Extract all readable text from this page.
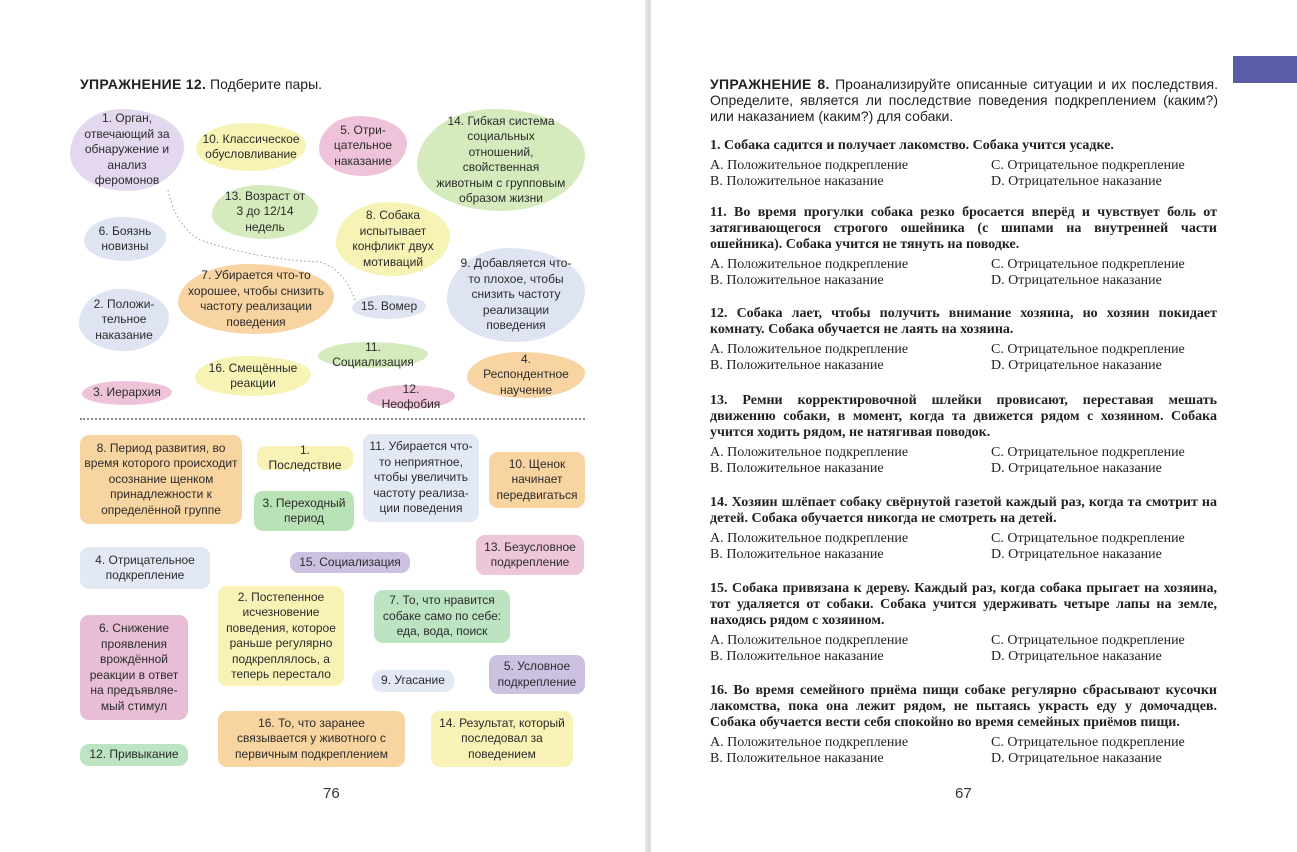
УПРАЖНЕНИЕ 12. Подберите пары.
1. Орган, отвечающий за обнаружение и анализ феромонов
10. Классическое обусловливание
5. Отри-цательное наказание
14. Гибкая система социальных отношений, свойственная животным с групповым образом жизни
13. Возраст от 3 до 12/14 недель
6. Боязнь новизны
8. Собака испытывает конфликт двух мотиваций
7. Убирается что-то хорошее, чтобы снизить частоту реализации поведения
9. Добавляется что-то плохое, чтобы снизить частоту реализации поведения
2. Положи-тельное наказание
15. Вомер
16. Смещённые реакции
11. Социализация	4. Респондентное научение
3. Иерархия	12. Неофобия
8. Период развития, во время которого происходит осознание щенком принадлежности к определённой группе
1. Последствие
11. Убирается что-то неприятное, чтобы увеличить частоту реализа-ции поведения
10. Щенок начинает передвигаться
3. Переходный период
4. Отрицательное подкрепление
15. Социализация
13. Безусловное подкрепление
6. Снижение проявления врождённой реакции в ответ на предъявляе-мый стимул
2. Постепенное исчезновение поведения, которое раньше регулярно подкреплялось, а теперь перестало
7. То, что нравится собаке само по себе: еда, вода, поиск
9. Угасание
5. Условное подкрепление
12. Привыкание
16. То, что заранее связывается у животного с первичным подкреплением
14. Результат, который последовал за поведением
76
УПРАЖНЕНИЕ 8. Проанализируйте описанные ситуации и их последствия. Определите, является ли последствие поведения подкреплением (каким?) или наказанием (каким?) для собаки.

1. Собака садится и получает лакомство. Собака учится усадке.

A. Положительное подкрепление	C. Отрицательное подкрепление
B. Положительное наказание	D. Отрицательное наказание

11. Во время прогулки собака резко бросается вперёд и чувствует боль от затягивающегося строгого ошейника (с шипами на внутренней части ошейника). Собака учится не тянуть на поводке.

A. Положительное подкрепление	C. Отрицательное подкрепление
B. Положительное наказание	D. Отрицательное наказание

12. Собака лает, чтобы получить внимание хозяина, но хозяин покидает комнату. Собака обучается не лаять на хозяина.

A. Положительное подкрепление	C. Отрицательное подкрепление
B. Положительное наказание	D. Отрицательное наказание

13. Ремни корректировочной шлейки провисают, переставая мешать движению собаки, в момент, когда та движется рядом с хозяином. Собака учится ходить рядом, не натягивая поводок.

A. Положительное подкрепление	C. Отрицательное подкрепление
B. Положительное наказание	D. Отрицательное наказание

14. Хозяин шлёпает собаку свёрнутой газетой каждый раз, когда та смотрит на детей. Собака обучается никогда не смотреть на детей.

A. Положительное подкрепление	C. Отрицательное подкрепление
B. Положительное наказание	D. Отрицательное наказание

15. Собака привязана к дереву. Каждый раз, когда собака прыгает на хозяина, тот удаляется от собаки. Собака учится удерживать четыре лапы на земле, находясь рядом с хозяином.

A. Положительное подкрепление	C. Отрицательное подкрепление
B. Положительное наказание	D. Отрицательное наказание

16. Во время семейного приёма пищи собаке регулярно сбрасывают кусочки лакомства, пока она лежит рядом, не пытаясь украсть еду у домочадцев. Собака обучается вести себя спокойно во время семейных приёмов пищи.

A. Положительное подкрепление	C. Отрицательное подкрепление
B. Положительное наказание	D. Отрицательное наказание
67
